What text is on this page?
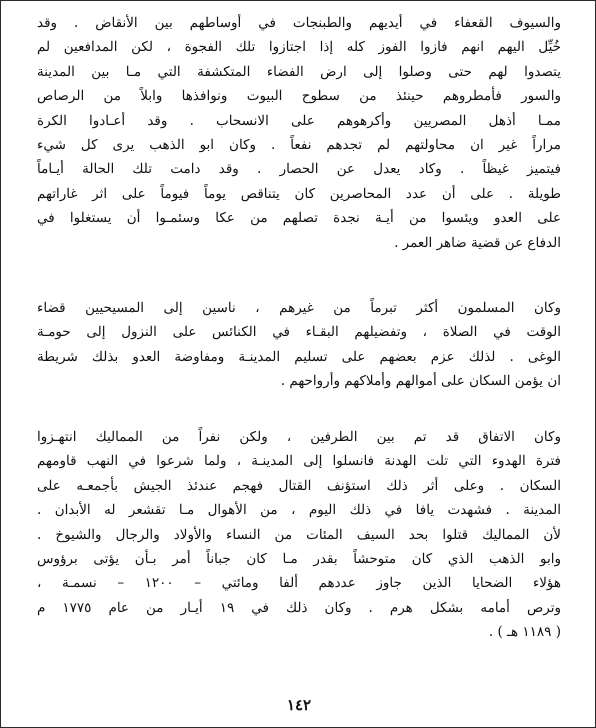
والسيوف القعفاء في أيديهم والطبنجات في أوساطهم بين الأنقاض . وقد
خُيِّل اليهم انهم فازوا الفوز كله إذا اجتازوا تلك الفجوة ، لكن المدافعين لم
يتصدوا لهم حتى وصلوا إلى ارض الفضاء المتكشفة التي مـا بين المدينة
والسور فأمطروهم حينئذ من سطوح البيوت ونوافذها وابلاً من الرصاص
ممـا أذهل المصريين وأكرهوهم على الانسحاب . وقد أعـادوا الكرة
مراراً غير ان محاولتهم لم تجدهم نفعاً . وكان ابو الذهب يرى كل شيء
فيتميز غيظاً . وكاد يعدل عن الحصار . وقد دامت تلك الحالة أيـاماً
طويلة . على أن عدد المحاصرين كان يتناقص يوماً فيوماً على اثر غاراتهم
على العدو ويئسوا من أيـة نجدة تصلهم من عكا وسئمـوا أن يستغلوا في
الدفاع عن قضية ضاهر العمر .
وكان المسلمون أكثر تبرماً من غيرهم ، ناسين إلى المسيحيين قضاء
الوقت في الصلاة ، وتفضيلهم البقـاء في الكنائس على النزول إلى حومـة
الوغى . لذلك عزم بعضهم على تسليم المدينـة ومفاوضة العدو بذلك شريطة
ان يؤمن السكان على أموالهم وأملاكهم وأرواحهم .
وكان الاتفاق قد تم بين الطرفين ، ولكن نفراً من المماليك انتهـزوا
فترة الهدوء التي تلت الهدنة فانسلوا إلى المدينـة ، ولما شرعوا في النهب قاومهم
السكان . وعلى أثر ذلك استؤنف القتال فهجم عندئذ الجيش بأجمعـه على
المدينة . فشهدت يافا في ذلك اليوم ، من الأهوال مـا تقشعر له الأبدان .
لأن المماليك قتلوا بحد السيف المئات من النساء والأولاد والرجال والشيوخ .
وابو الذهب الذي كان متوحشاً بقدر مـا كان جباناً أمر بـأن يؤتى برؤوس
هؤلاء الضحايا الذين جاوز عددهم ألفا ومائتي – ١٢٠٠ – نسمـة ،
وترص أمامه بشكل هرم . وكان ذلك في ١٩ أيـار من عام ١٧٧٥ م
( ١١٨٩ هـ ) .
١٤٢
